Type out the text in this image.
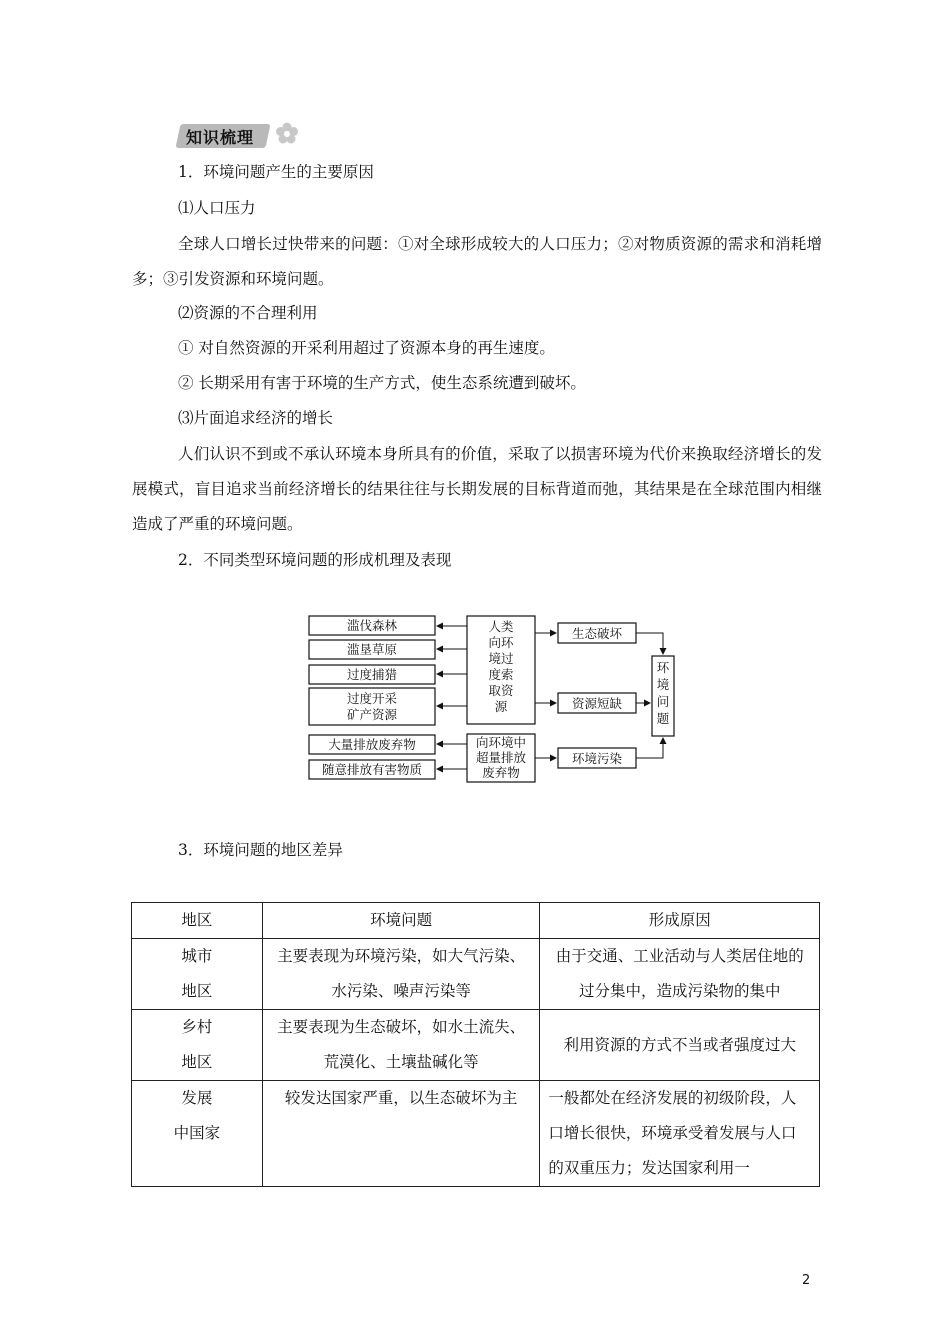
知识梳理
1．环境问题产生的主要原因
⑴人口压力
全球人口增长过快带来的问题：①对全球形成较大的人口压力；②对物质资源的需求和消耗增多；③引发资源和环境问题。
⑵资源的不合理利用
① 对自然资源的开采利用超过了资源本身的再生速度。
② 长期采用有害于环境的生产方式，使生态系统遭到破坏。
⑶片面追求经济的增长
人们认识不到或不承认环境本身所具有的价值，采取了以损害环境为代价来换取经济增长的发展模式，盲目追求当前经济增长的结果往往与长期发展的目标背道而弛，其结果是在全球范围内相继造成了严重的环境问题。
2．不同类型环境问题的形成机理及表现
滥伐森林
滥垦草原
过度捕猎
过度开采
矿产资源
大量排放废弃物
随意排放有害物质
人类
向环
境过
度索
取资
源
向环境中
超量排放
废弃物
生态破坏
资源短缺
环境污染
环
境
问
题
3．环境问题的地区差异
地区	环境问题	形成原因
城市
地区	主要表现为环境污染，如大气污染、水污染、噪声污染等	由于交通、工业活动与人类居住地的过分集中，造成污染物的集中
乡村
地区	主要表现为生态破坏，如水土流失、荒漠化、土壤盐碱化等	利用资源的方式不当或者强度过大
发展
中国家	较发达国家严重，以生态破坏为主	一般都处在经济发展的初级阶段，人口增长很快，环境承受着发展与人口的双重压力；发达国家利用一
2
